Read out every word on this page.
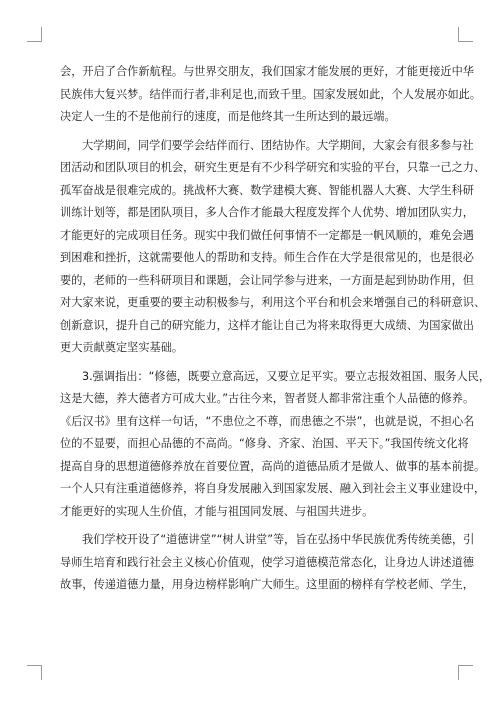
会，开启了合作新航程。与世界交朋友，我们国家才能发展的更好，才能更接近中华
民族伟大复兴梦。结伴而行者,非利足也,而致千里。国家发展如此，个人发展亦如此。
决定人一生的不是他前行的速度，而是他终其一生所达到的最远端。
大学期间，同学们要学会结伴而行、团结协作。大学期间，大家会有很多参与社
团活动和团队项目的机会，研究生更是有不少科学研究和实验的平台，只靠一己之力、
孤军奋战是很难完成的。挑战杯大赛、数学建模大赛、智能机器人大赛、大学生科研
训练计划等，都是团队项目，多人合作才能最大程度发挥个人优势、增加团队实力，
才能更好的完成项目任务。现实中我们做任何事情不一定都是一帆风顺的，难免会遇
到困难和挫折，这就需要他人的帮助和支持。师生合作在大学是很常见的，也是很必
要的，老师的一些科研项目和课题，会让同学参与进来，一方面是起到协助作用，但
对大家来说，更重要的要主动积极参与，利用这个平台和机会来增强自己的科研意识、
创新意识，提升自己的研究能力，这样才能让自己为将来取得更大成绩、为国家做出
更大贡献奠定坚实基础。
3.强调指出：“修德，既要立意高远，又要立足平实。要立志报效祖国、服务人民，
这是大德，养大德者方可成大业。”古往今来，智者贤人都非常注重个人品德的修养。
《后汉书》里有这样一句话，“不患位之不尊，而患德之不崇”，也就是说，不担心名
位的不显要，而担心品德的不高尚。“修身、齐家、治国、平天下。”我国传统文化将
提高自身的思想道德修养放在首要位置，高尚的道德品质才是做人、做事的基本前提。
一个人只有注重道德修养，将自身发展融入到国家发展、融入到社会主义事业建设中，
才能更好的实现人生价值，才能与祖国同发展、与祖国共进步。
我们学校开设了“道德讲堂”“树人讲堂”等，旨在弘扬中华民族优秀传统美德，引
导师生培育和践行社会主义核心价值观，使学习道德模范常态化，让身边人讲述道德
故事，传递道德力量，用身边榜样影响广大师生。这里面的榜样有学校老师、学生，
